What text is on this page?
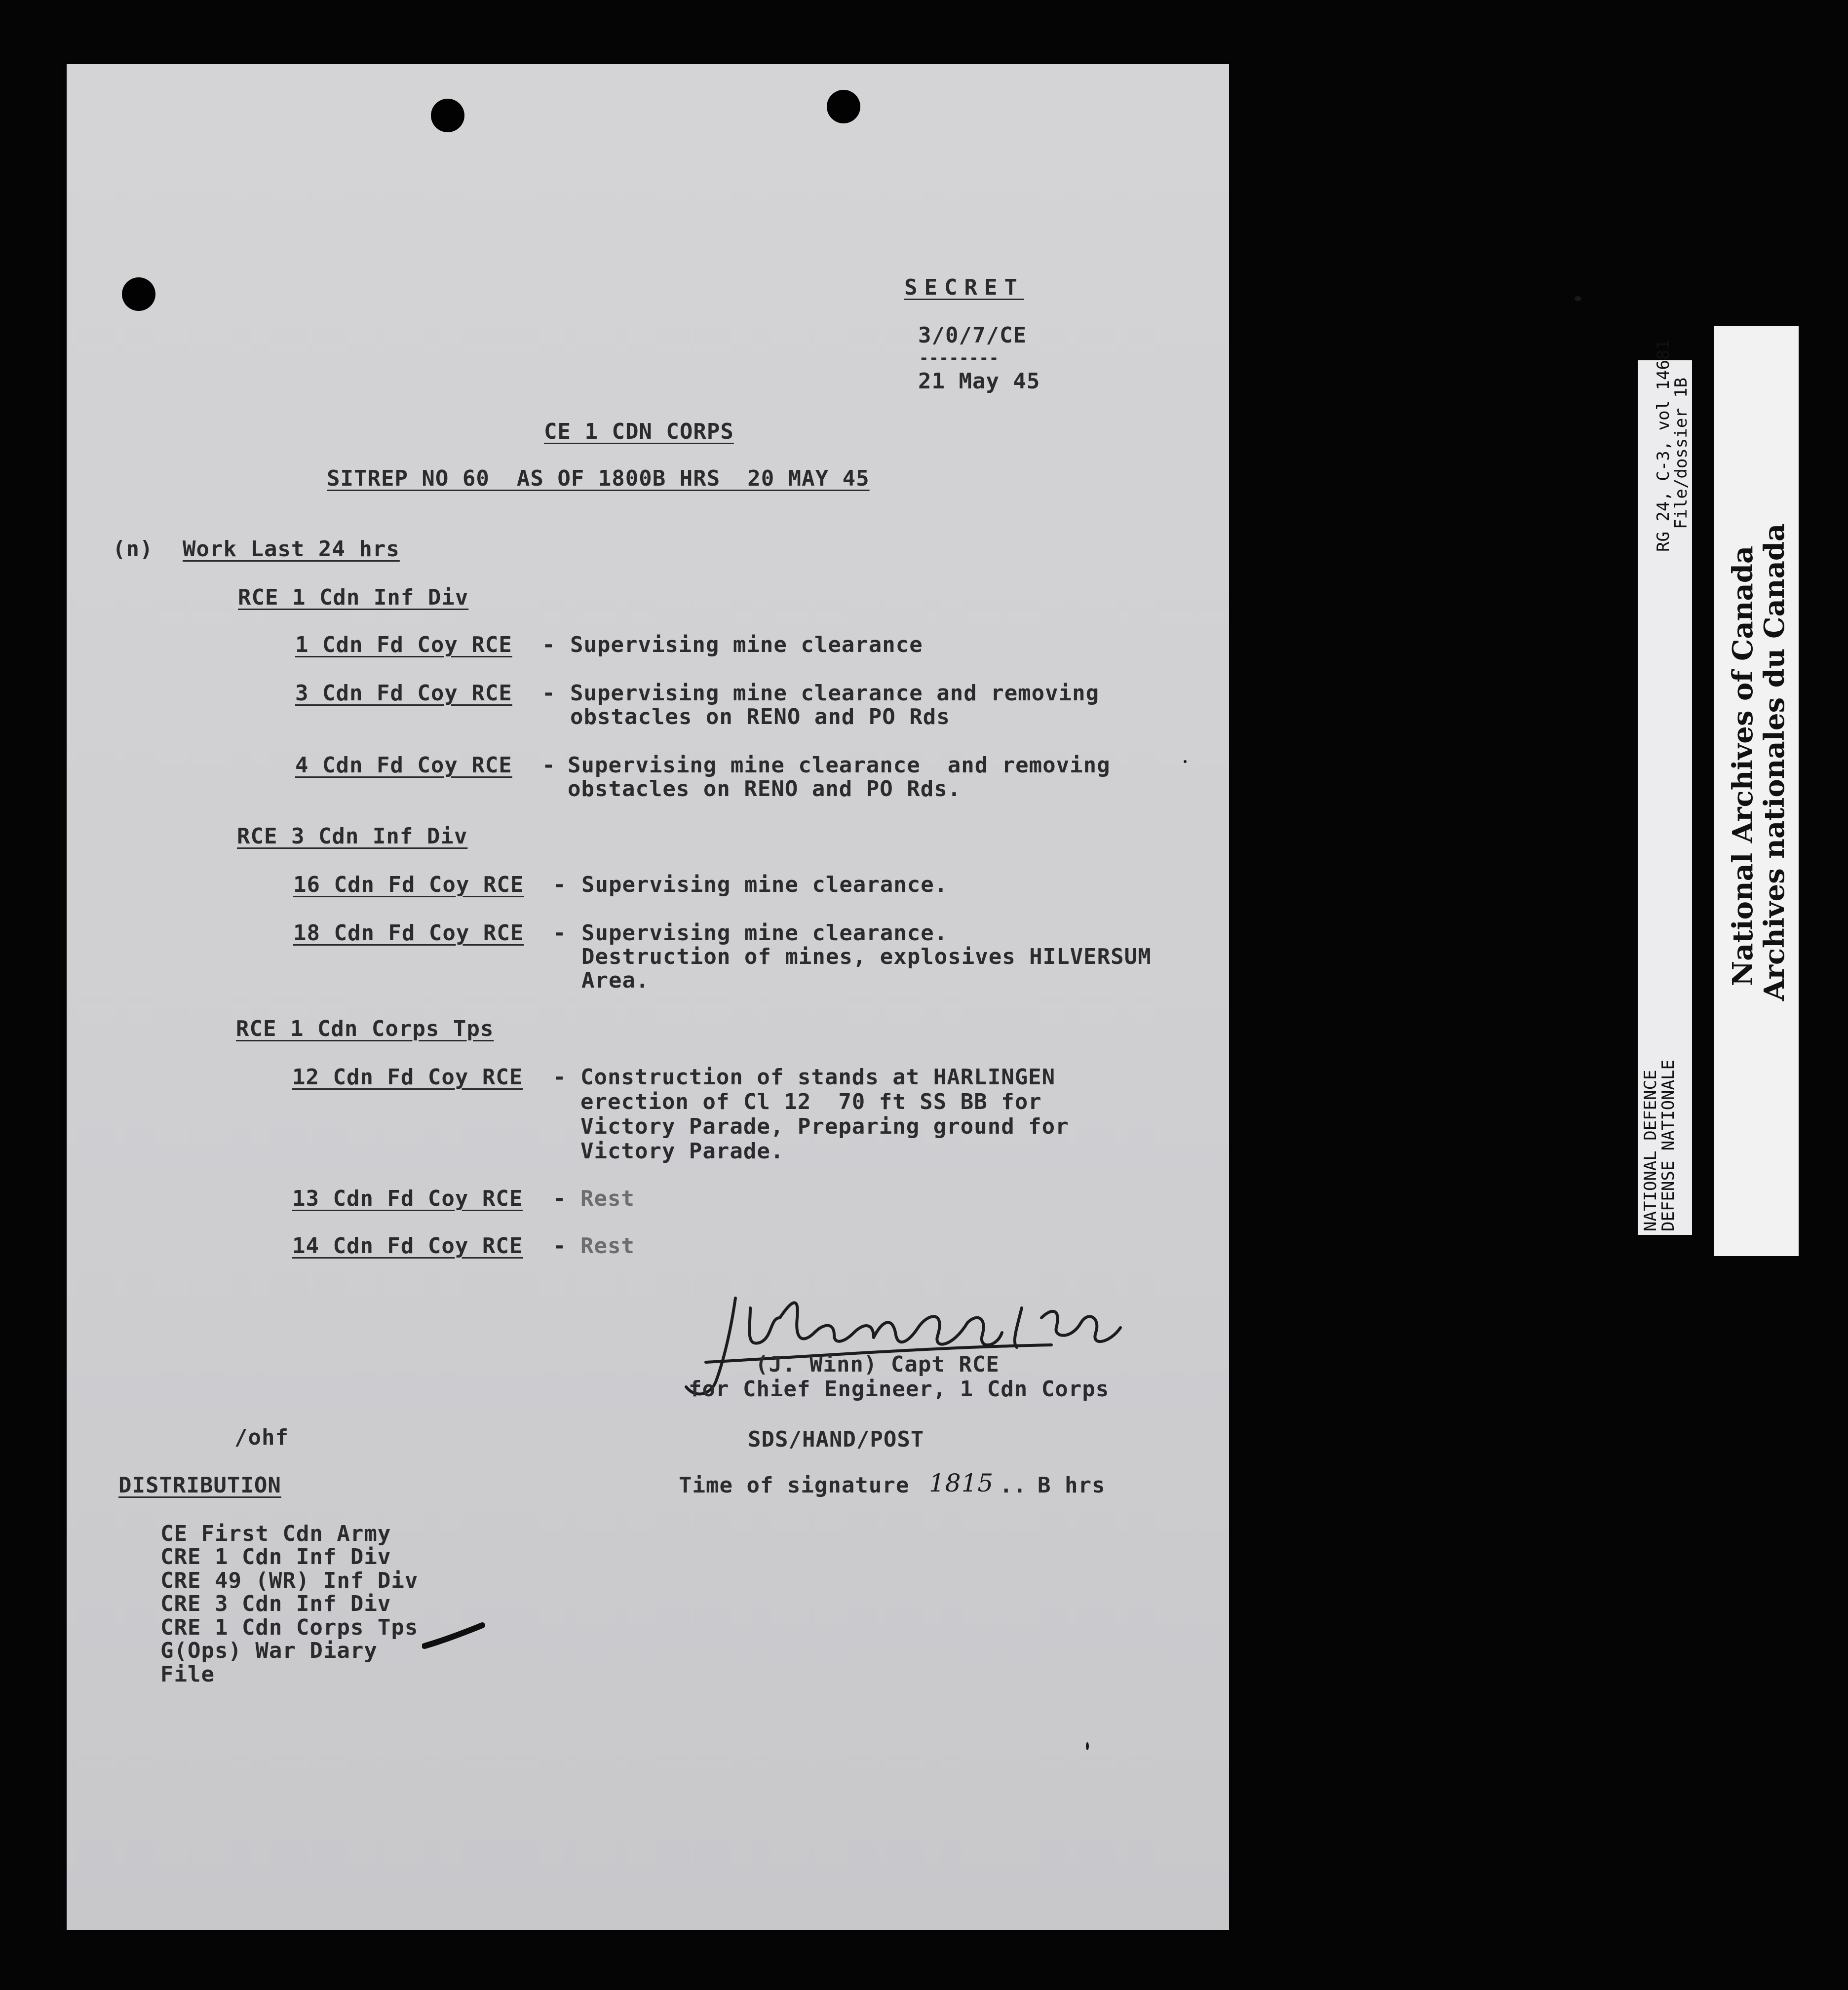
SECRET
3/0/7/CE
--------
21 May 45
CE 1 CDN CORPS
SITREP NO 60  AS OF 1800B HRS  20 MAY 45
(n) Work Last 24 hrs
RCE 1 Cdn Inf Div
1 Cdn Fd Coy RCE - Supervising mine clearance
3 Cdn Fd Coy RCE - Supervising mine clearance and removing
obstacles on RENO and PO Rds
4 Cdn Fd Coy RCE - Supervising mine clearance  and removing
obstacles on RENO and PO Rds.
RCE 3 Cdn Inf Div
16 Cdn Fd Coy RCE - Supervising mine clearance.
18 Cdn Fd Coy RCE - Supervising mine clearance.
Destruction of mines, explosives HILVERSUM
Area.
RCE 1 Cdn Corps Tps
12 Cdn Fd Coy RCE - Construction of stands at HARLINGEN
erection of Cl 12  70 ft SS BB for
Victory Parade, Preparing ground for
Victory Parade.
13 Cdn Fd Coy RCE - Rest
14 Cdn Fd Coy RCE - Rest
(J. Winn) Capt RCE
for Chief Engineer, 1 Cdn Corps
/ohf	SDS/HAND/POST
Time of signature 1815 .. B hrs
DISTRIBUTION
CE First Cdn Army
CRE 1 Cdn Inf Div
CRE 49 (WR) Inf Div
CRE 3 Cdn Inf Div
CRE 1 Cdn Corps Tps
G(Ops) War Diary
File
RG 24, C-3, vol 14681
File/dossier 1B
NATIONAL DEFENCE
DEFENSE NATIONALE
National Archives of Canada
Archives nationales du Canada
